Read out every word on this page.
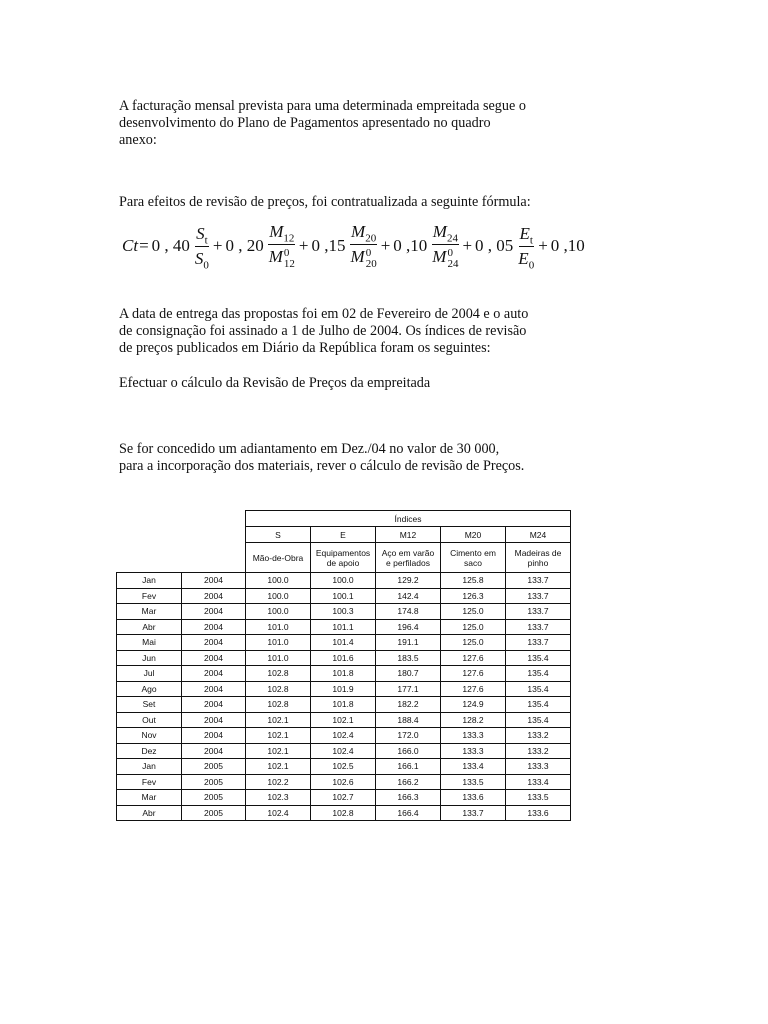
A facturação mensal prevista para uma determinada empreitada segue o
desenvolvimento do Plano de Pagamentos apresentado no quadro
anexo:

Para efeitos de revisão de preços, foi contratualizada a seguinte fórmula:

Ct = 0 , $40 \frac{S_t}{S_0} + 0$ , 20 $M_{12}$
M 0
12 + 0 ,15 $M_{20}$
M 0
20 + 0 ,10 $M_{24}$
M 0
24 + 0 , $05 \frac{E_t}{E_0} + 0$ ,10

A data de entrega das propostas foi em 02 de Fevereiro de 2004 e o auto
de consignação foi assinado a 1 de Julho de 2004. Os índices de revisão
de preços publicados em Diário da República foram os seguintes:

Efectuar o cálculo da Revisão de Preços da empreitada

Se for concedido um adiantamento em Dez./04 no valor de 30 000,
para a incorporação dos materiais, rever o cálculo de revisão de Preços.

		Índices				
		S	E	M12	M20	M24
		Mão-de-Obra	Equipamentos
de apoio	Aço em varão
e perfilados	Cimento em
saco	Madeiras de
pinho
Jan	2004	100.0	100.0	129.2	125.8	133.7
Fev	2004	100.0	100.1	142.4	126.3	133.7
Mar	2004	100.0	100.3	174.8	125.0	133.7
Abr	2004	101.0	101.1	196.4	125.0	133.7
Mai	2004	101.0	101.4	191.1	125.0	133.7
Jun	2004	101.0	101.6	183.5	127.6	135.4
Jul	2004	102.8	101.8	180.7	127.6	135.4
Ago	2004	102.8	101.9	177.1	127.6	135.4
Set	2004	102.8	101.8	182.2	124.9	135.4
Out	2004	102.1	102.1	188.4	128.2	135.4
Nov	2004	102.1	102.4	172.0	133.3	133.2
Dez	2004	102.1	102.4	166.0	133.3	133.2
Jan	2005	102.1	102.5	166.1	133.4	133.3
Fev	2005	102.2	102.6	166.2	133.5	133.4
Mar	2005	102.3	102.7	166.3	133.6	133.5
Abr	2005	102.4	102.8	166.4	133.7	133.6
